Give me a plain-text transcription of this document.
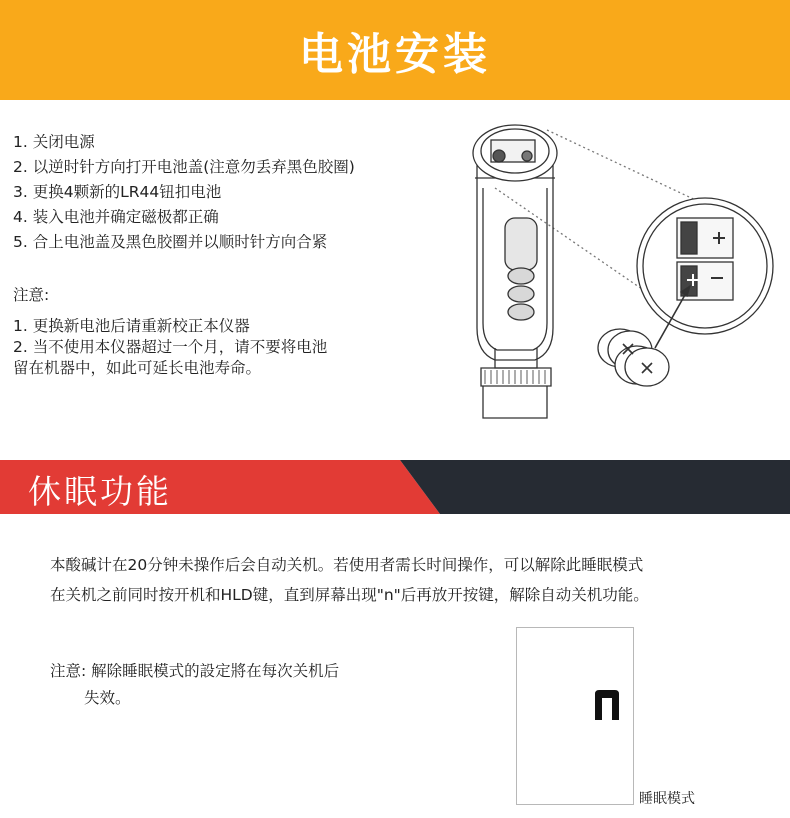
电池安装
1. 关闭电源
2. 以逆时针方向打开电池盖(注意勿丢弃黑色胶圈)
3. 更换4颗新的LR44钮扣电池
4. 装入电池并确定磁极都正确
5. 合上电池盖及黑色胶圈并以顺时针方向合紧
注意:
1. 更换新电池后请重新校正本仪器
2. 当不使用本仪器超过一个月，请不要将电池
留在机器中，如此可延长电池寿命。
休眠功能
本酸碱计在20分钟未操作后会自动关机。若使用者需长时间操作，可以解除此睡眠模式
在关机之前同时按开机和HLD键，直到屏幕出现"n"后再放开按键，解除自动关机功能。
注意: 解除睡眠模式的設定將在每次关机后
失效。
睡眠模式
